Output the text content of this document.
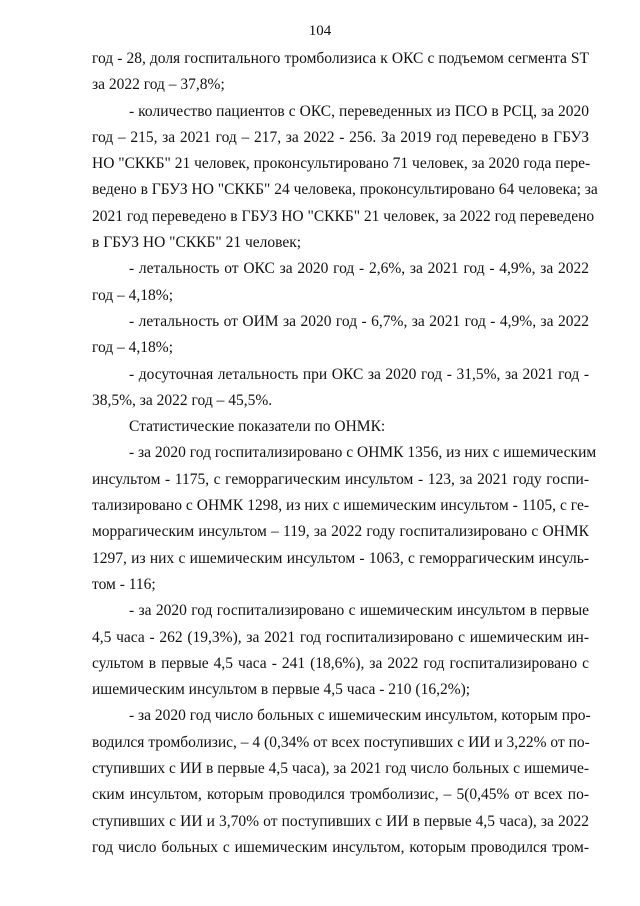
104
год - 28, доля госпитального тромболизиса к ОКС с подъемом сегмента ST
за 2022 год – 37,8%;
- количество пациентов с ОКС, переведенных из ПСО в РСЦ, за 2020
год – 215, за 2021 год – 217, за 2022 - 256. За 2019 год переведено в ГБУЗ
НО "СККБ" 21 человек, проконсультировано 71 человек, за 2020 года пере-
ведено в ГБУЗ НО "СККБ" 24 человека, проконсультировано 64 человека; за
2021 год переведено в ГБУЗ НО "СККБ" 21 человек, за 2022 год переведено
в ГБУЗ НО "СККБ" 21 человек;
- летальность от ОКС за 2020 год - 2,6%, за 2021 год - 4,9%, за 2022
год – 4,18%;
- летальность от ОИМ за 2020 год - 6,7%, за 2021 год - 4,9%, за 2022
год – 4,18%;
- досуточная летальность при ОКС за 2020 год - 31,5%, за 2021 год -
38,5%, за 2022 год – 45,5%.
Статистические показатели по ОНМК:
- за 2020 год госпитализировано с ОНМК 1356, из них с ишемическим
инсультом - 1175, с геморрагическим инсультом - 123, за 2021 году госпи-
тализировано с ОНМК 1298, из них с ишемическим инсультом - 1105, с ге-
моррагическим инсультом – 119, за 2022 году госпитализировано с ОНМК
1297, из них с ишемическим инсультом - 1063, с геморрагическим инсуль-
том - 116;
- за 2020 год госпитализировано с ишемическим инсультом в первые
4,5 часа - 262 (19,3%), за 2021 год госпитализировано с ишемическим ин-
сультом в первые 4,5 часа - 241 (18,6%), за 2022 год госпитализировано с
ишемическим инсультом в первые 4,5 часа - 210 (16,2%);
- за 2020 год число больных с ишемическим инсультом, которым про-
водился тромболизис, – 4 (0,34% от всех поступивших с ИИ и 3,22% от по-
ступивших с ИИ в первые 4,5 часа), за 2021 год число больных с ишемиче-
ским инсультом, которым проводился тромболизис, – 5(0,45% от всех по-
ступивших с ИИ и 3,70% от поступивших с ИИ в первые 4,5 часа), за 2022
год число больных с ишемическим инсультом, которым проводился тром-
